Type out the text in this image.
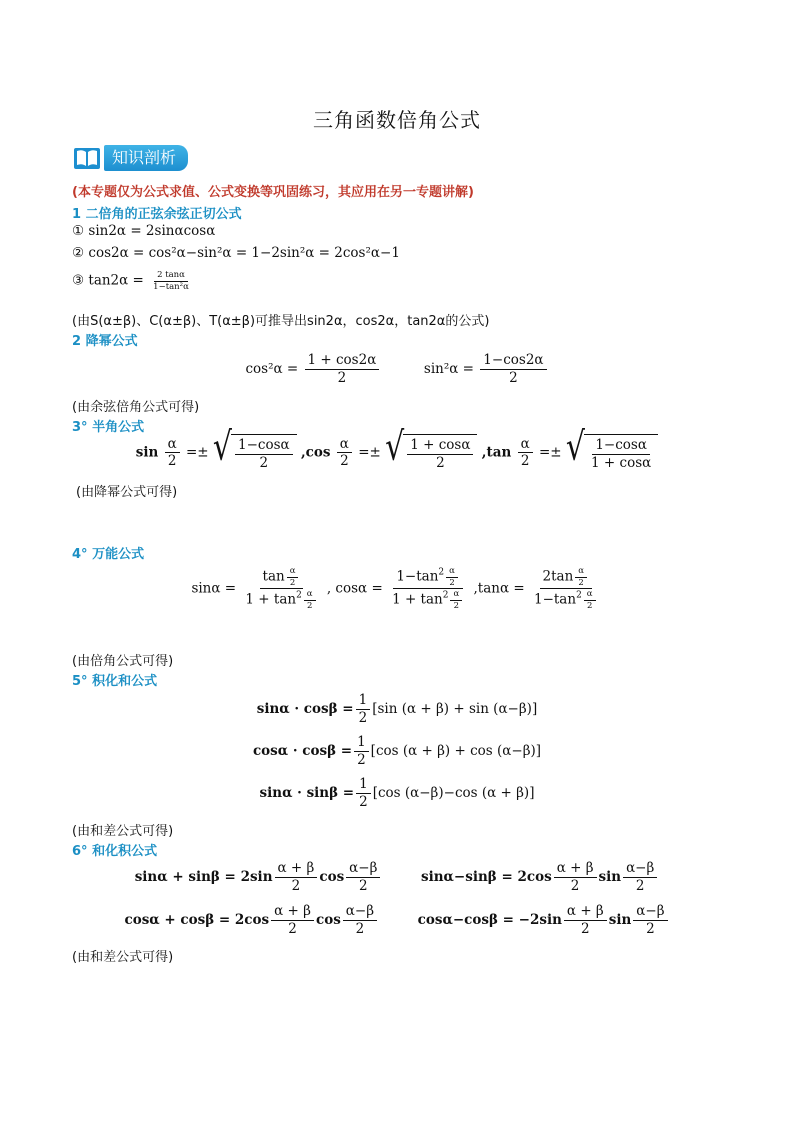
三角函数倍角公式
知识剖析
(本专题仅为公式求值、公式变换等巩固练习，其应用在另一专题讲解)
1 二倍角的正弦余弦正切公式
① sin2α = 2sinαcosα
② cos2α = cos²α−sin²α = 1−2sin²α = 2cos²α−1
③ $\tan 2\alpha = \frac{2 \tan\alpha}{\text{1−tan²α}}$
(由S(α±β)、C(α±β)、T(α±β)可推导出sin2α，cos2α，tan2α的公式)
2 降幂公式
$\cos^2\alpha = \frac{1 + \cos 2\alpha}{2}$	$\sin^2\alpha = \frac{1-\cos 2\alpha}{2}$
(由余弦倍角公式可得)
3° 半角公式
$\sin \frac{\alpha}{2}$ =± √ $\frac{1-\cos\alpha}{2} ,\cos \frac{\alpha}{2}$ =± √ $\frac{1 + \cos\alpha}{2} ,\tan \frac{\alpha}{2}$ =± √ $\frac{1-\cos\alpha}{1 + \cos\alpha}$
(由降幂公式可得)
4° 万能公式
$\sin\alpha = \frac{\tan \frac{\alpha}{2}}{1 + \tan^2 \frac{\alpha}{2}}$ , $\cos\alpha = \frac{1-\tan^2 \frac{\alpha}{2}}{1 + \tan^2 \frac{\alpha}{2}} ,\tan\alpha = \frac{2\tan \frac{\alpha}{2}}{1-\tan^2 \frac{\alpha}{2}}$
(由倍角公式可得)
5° 积化和公式
$\sin\alpha \cdot \cos\beta = \frac{1}{2} [\sin$ (α + β) + sin (α−β)]
$\cos\alpha \cdot \cos\beta = \frac{1}{2} [\cos$ (α + β) + cos (α−β)]
$\sin\alpha \cdot \sin\beta = \frac{1}{2} [\cos$ (α−β)−cos (α + β)]
(由和差公式可得)
6° 和化积公式
$\sin\alpha + \sin\beta = 2\sin \frac{\alpha + \beta}{2}$ $\cos \frac{\alpha-\beta}{2}$	$\sin\alpha-\sin\beta = 2\cos \frac{\alpha + \beta}{2}$ $\sin \frac{\alpha-\beta}{2}$
$\cos\alpha + \cos\beta = 2\cos \frac{\alpha + \beta}{2}$ $\cos \frac{\alpha-\beta}{2}$	$\cos\alpha-\cos\beta = -2\sin \frac{\alpha + \beta}{2}$ $\sin \frac{\alpha-\beta}{2}$
(由和差公式可得)
